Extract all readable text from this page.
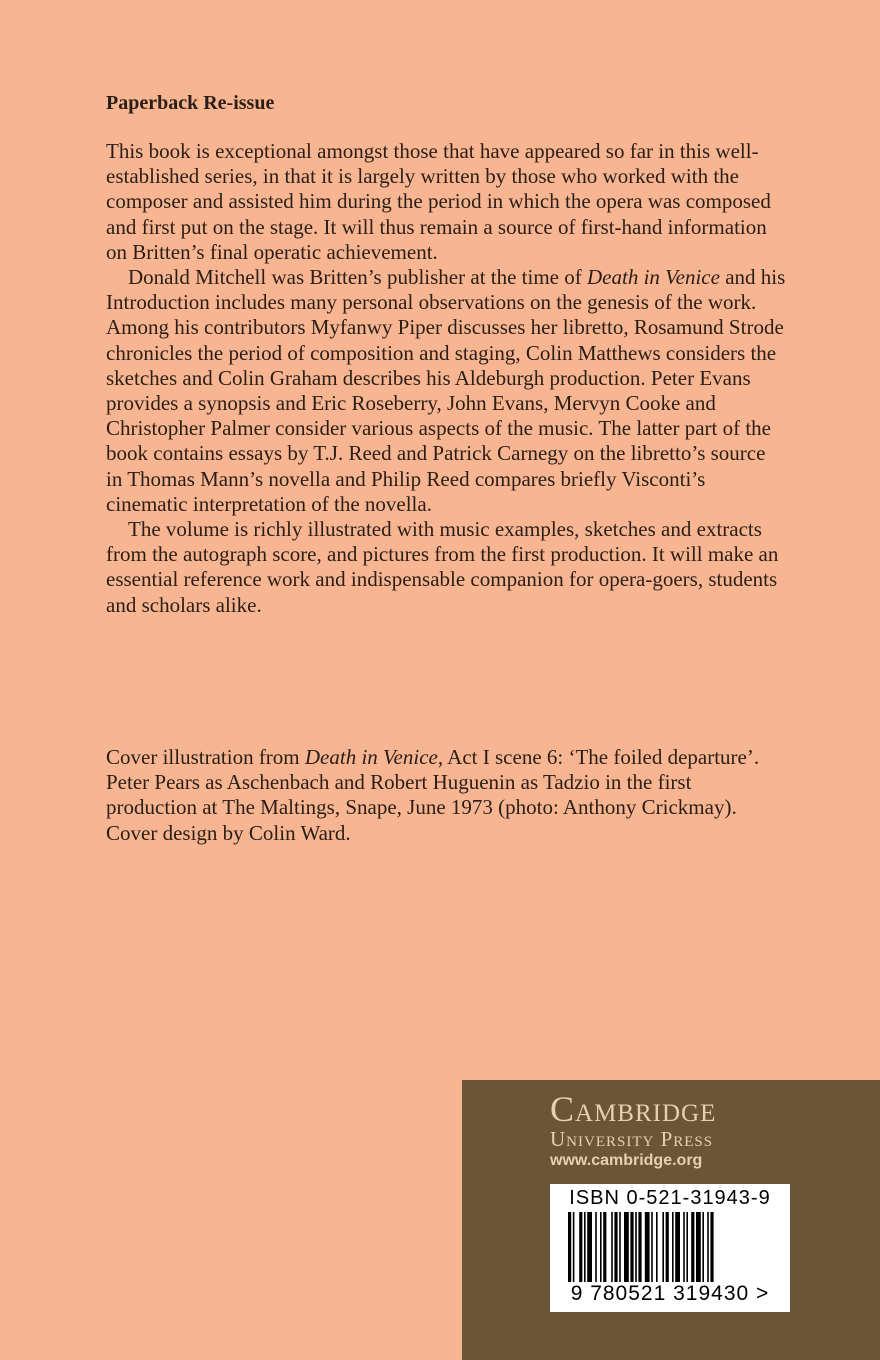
Paperback Re-issue

This book is exceptional amongst those that have appeared so far in this well-established series, in that it is largely written by those who worked with the composer and assisted him during the period in which the opera was composed and first put on the stage. It will thus remain a source of first-hand information on Britten’s final operatic achievement.

Donald Mitchell was Britten’s publisher at the time of Death in Venice and his Introduction includes many personal observations on the genesis of the work. Among his contributors Myfanwy Piper discusses her libretto, Rosamund Strode chronicles the period of composition and staging, Colin Matthews considers the sketches and Colin Graham describes his Aldeburgh production. Peter Evans provides a synopsis and Eric Roseberry, John Evans, Mervyn Cooke and Christopher Palmer consider various aspects of the music. The latter part of the book contains essays by T.J. Reed and Patrick Carnegy on the libretto’s source in Thomas Mann’s novella and Philip Reed compares briefly Visconti’s cinematic interpretation of the novella.

The volume is richly illustrated with music examples, sketches and extracts from the autograph score, and pictures from the first production. It will make an essential reference work and indispensable companion for opera-goers, students and scholars alike.

Cover illustration from Death in Venice, Act I scene 6: ‘The foiled departure’. Peter Pears as Aschenbach and Robert Huguenin as Tadzio in the first production at The Maltings, Snape, June 1973 (photo: Anthony Crickmay). Cover design by Colin Ward.

Cambridge

University Press

www.cambridge.org

ISBN 0-521-31943-9

9 780521 319430 >
